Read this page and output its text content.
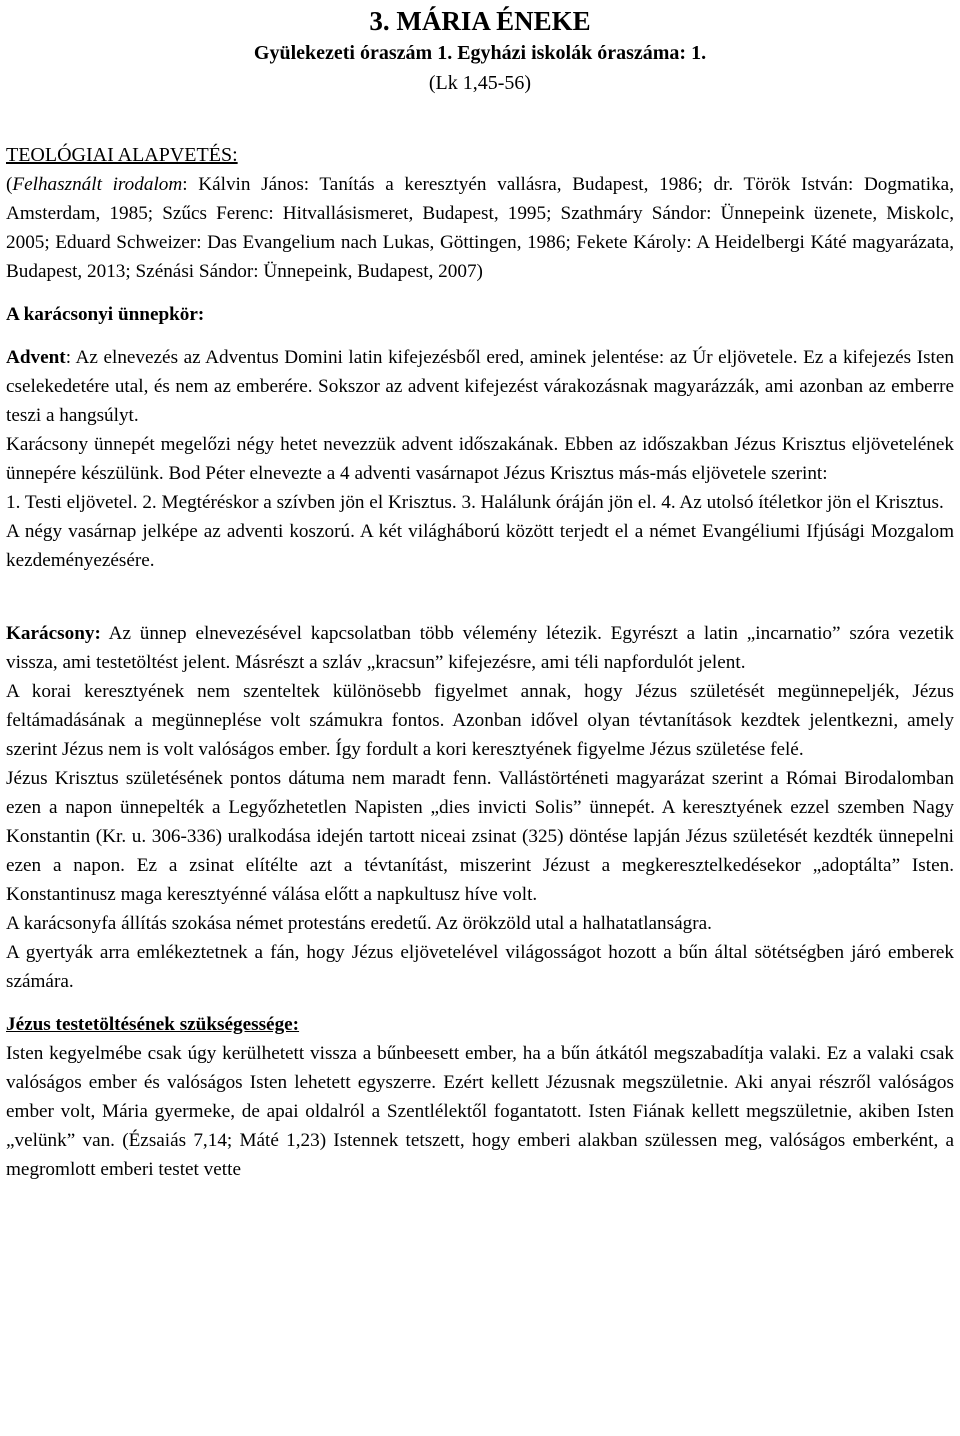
3. MÁRIA ÉNEKE
Gyülekezeti óraszám 1. Egyházi iskolák óraszáma: 1.
(Lk 1,45-56)
TEOLÓGIAI ALAPVETÉS:

(Felhasznált irodalom: Kálvin János: Tanítás a keresztyén vallásra, Budapest, 1986; dr. Török István: Dogmatika, Amsterdam, 1985; Szűcs Ferenc: Hitvallásismeret, Budapest, 1995; Szathmáry Sándor: Ünnepeink üzenete, Miskolc, 2005; Eduard Schweizer: Das Evangelium nach Lukas, Göttingen, 1986; Fekete Károly: A Heidelbergi Káté magyarázata, Budapest, 2013; Szénási Sándor: Ünnepeink, Budapest, 2007)

A karácsonyi ünnepkör:

Advent: Az elnevezés az Adventus Domini latin kifejezésből ered, aminek jelentése: az Úr eljövetele. Ez a kifejezés Isten cselekedetére utal, és nem az emberére. Sokszor az advent kifejezést várakozásnak magyarázzák, ami azonban az emberre teszi a hangsúlyt.

Karácsony ünnepét megelőzi négy hetet nevezzük advent időszakának. Ebben az időszakban Jézus Krisztus eljövetelének ünnepére készülünk. Bod Péter elnevezte a 4 adventi vasárnapot Jézus Krisztus más-más eljövetele szerint:

1. Testi eljövetel. 2. Megtéréskor a szívben jön el Krisztus. 3. Halálunk óráján jön el. 4. Az utolsó ítéletkor jön el Krisztus.

A négy vasárnap jelképe az adventi koszorú. A két világháború között terjedt el a német Evangéliumi Ifjúsági Mozgalom kezdeményezésére.

Karácsony: Az ünnep elnevezésével kapcsolatban több vélemény létezik. Egyrészt a latin „incarnatio” szóra vezetik vissza, ami testetöltést jelent. Másrészt a szláv „kracsun” kifejezésre, ami téli napfordulót jelent.

A korai keresztyének nem szenteltek különösebb figyelmet annak, hogy Jézus születését megünnepeljék, Jézus feltámadásának a megünneplése volt számukra fontos. Azonban idővel olyan tévtanítások kezdtek jelentkezni, amely szerint Jézus nem is volt valóságos ember. Így fordult a kori keresztyének figyelme Jézus születése felé.

Jézus Krisztus születésének pontos dátuma nem maradt fenn. Vallástörténeti magyarázat szerint a Római Birodalomban ezen a napon ünnepelték a Legyőzhetetlen Napisten „dies invicti Solis” ünnepét. A keresztyének ezzel szemben Nagy Konstantin (Kr. u. 306-336) uralkodása idején tartott niceai zsinat (325) döntése lapján Jézus születését kezdték ünnepelni ezen a napon. Ez a zsinat elítélte azt a tévtanítást, miszerint Jézust a megkeresztelkedésekor „adoptálta” Isten. Konstantinusz maga keresztyénné válása előtt a napkultusz híve volt.

A karácsonyfa állítás szokása német protestáns eredetű. Az örökzöld utal a halhatatlanságra.

A gyertyák arra emlékeztetnek a fán, hogy Jézus eljövetelével világosságot hozott a bűn által sötétségben járó emberek számára.

Jézus testetöltésének szükségessége:

Isten kegyelmébe csak úgy kerülhetett vissza a bűnbeesett ember, ha a bűn átkától megszabadítja valaki. Ez a valaki csak valóságos ember és valóságos Isten lehetett egyszerre. Ezért kellett Jézusnak megszületnie. Aki anyai részről valóságos ember volt, Mária gyermeke, de apai oldalról a Szentlélektől fogantatott. Isten Fiának kellett megszületnie, akiben Isten „velünk” van. (Ézsaiás 7,14; Máté 1,23) Istennek tetszett, hogy emberi alakban szülessen meg, valóságos emberként, a megromlott emberi testet vette
